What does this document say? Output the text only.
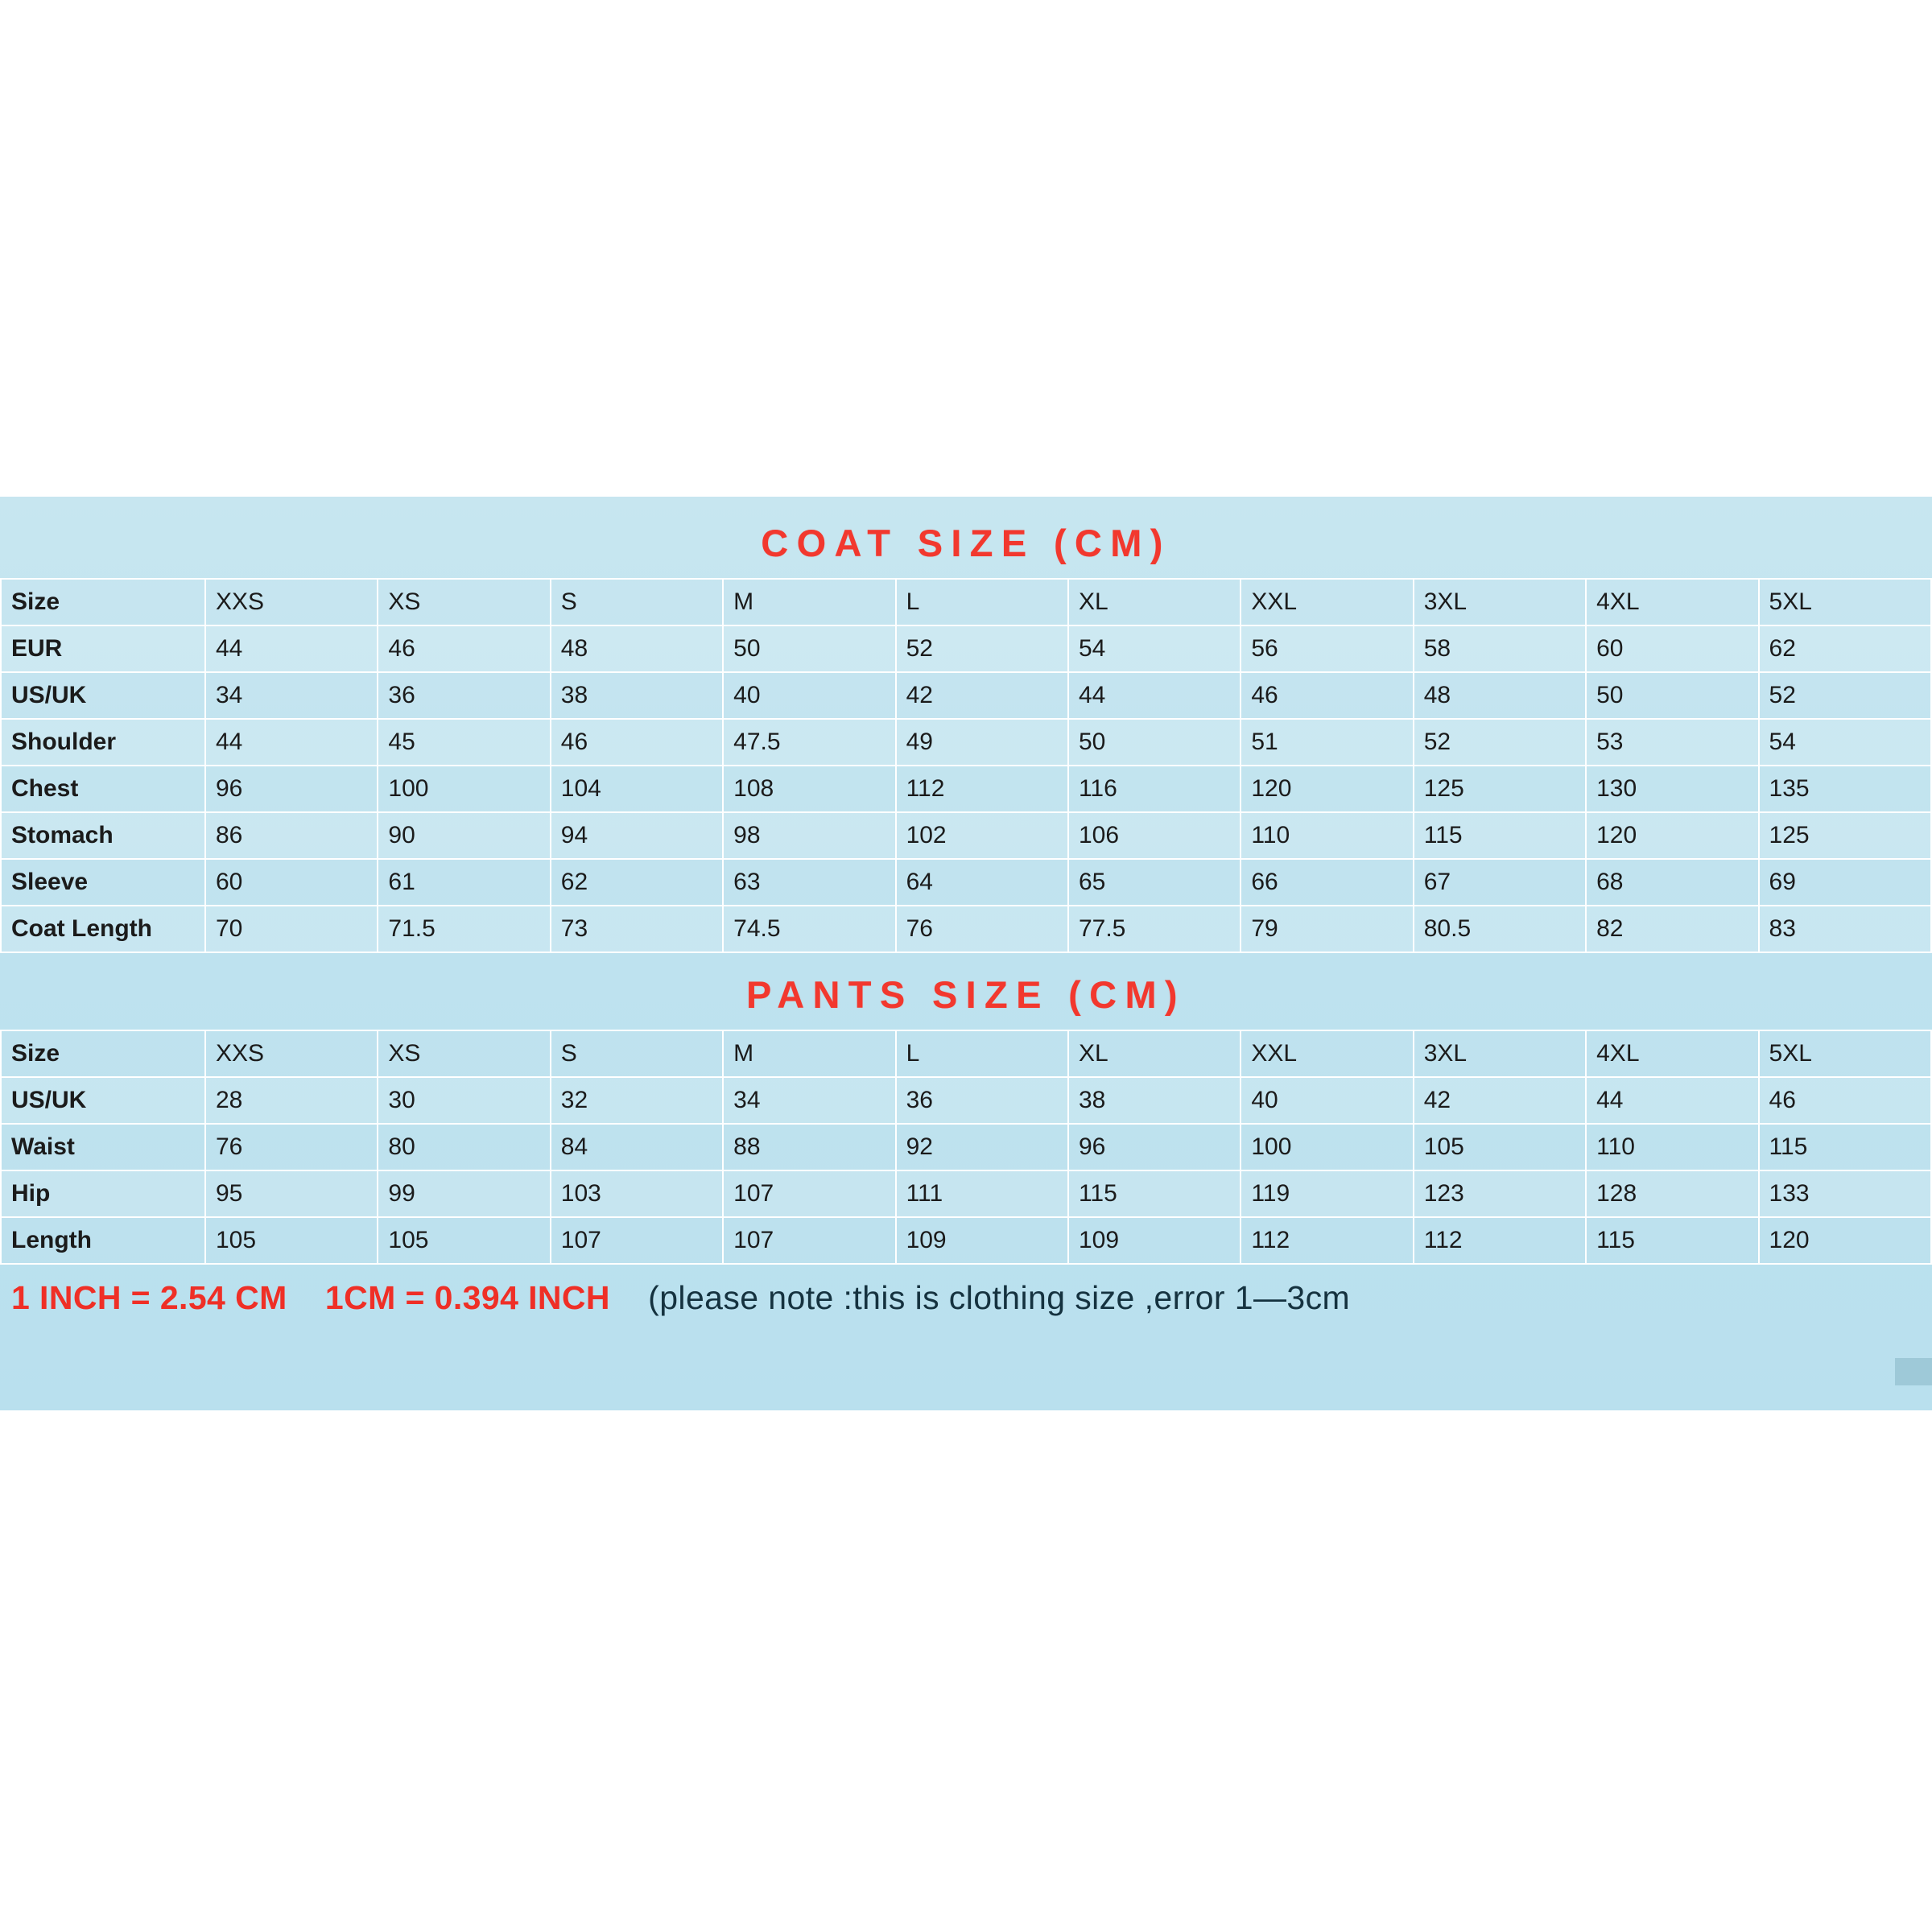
COAT SIZE (CM)
Size	XXS	XS	S	M	L	XL	XXL	3XL	4XL	5XL
EUR	44	46	48	50	52	54	56	58	60	62
US/UK	34	36	38	40	42	44	46	48	50	52
Shoulder	44	45	46	47.5	49	50	51	52	53	54
Chest	96	100	104	108	112	116	120	125	130	135
Stomach	86	90	94	98	102	106	110	115	120	125
Sleeve	60	61	62	63	64	65	66	67	68	69
Coat Length	70	71.5	73	74.5	76	77.5	79	80.5	82	83
PANTS SIZE (CM)
Size	XXS	XS	S	M	L	XL	XXL	3XL	4XL	5XL
US/UK	28	30	32	34	36	38	40	42	44	46
Waist	76	80	84	88	92	96	100	105	110	115
Hip	95	99	103	107	111	115	119	123	128	133
Length	105	105	107	107	109	109	112	112	115	120
1 INCH = 2.54 CM 1CM = 0.394 INCH (please note :this is clothing size ,error 1—3cm
